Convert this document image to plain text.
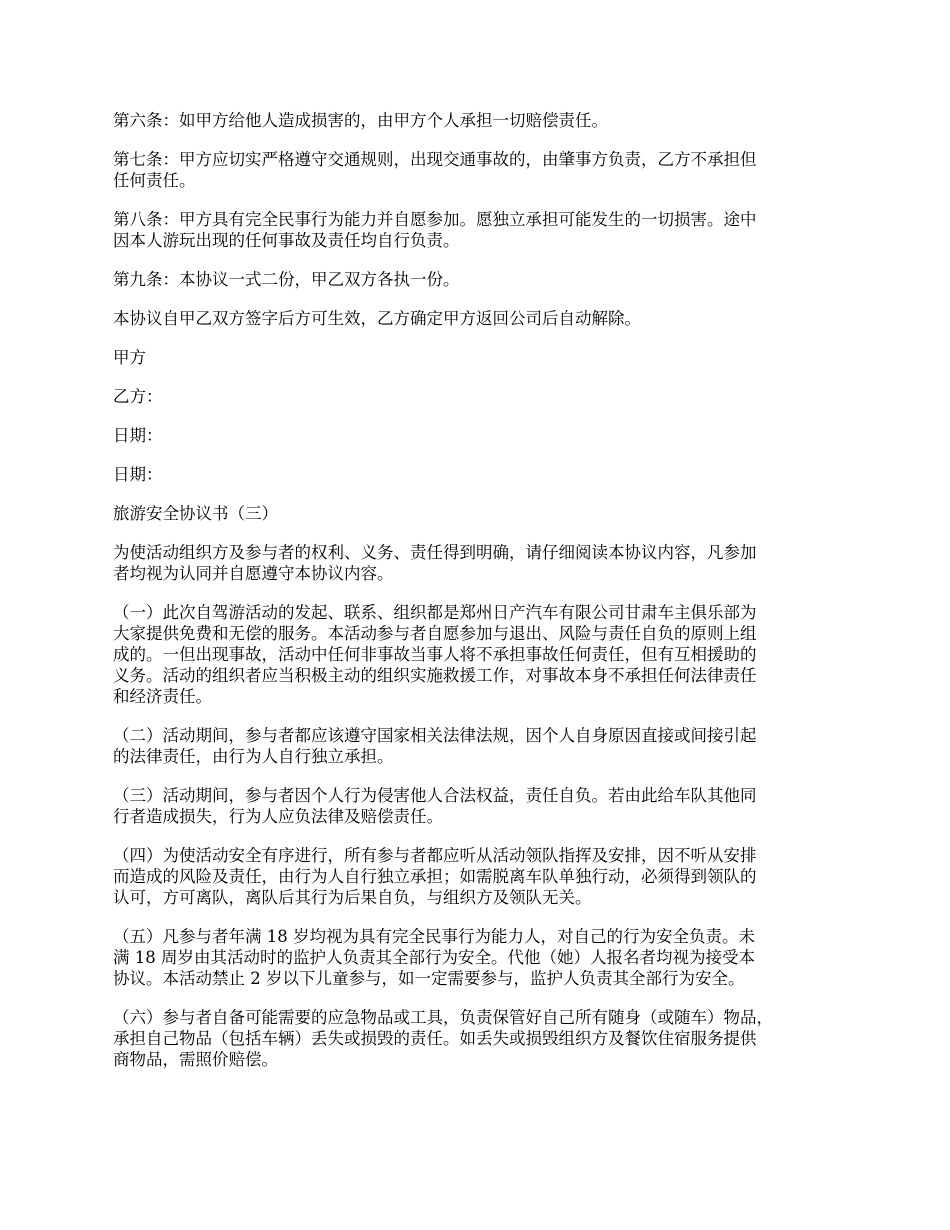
第六条：如甲方给他人造成损害的，由甲方个人承担一切赔偿责任。

第七条：甲方应切实严格遵守交通规则，出现交通事故的，由肇事方负责，乙方不承担但
任何责任。

第八条：甲方具有完全民事行为能力并自愿参加。愿独立承担可能发生的一切损害。途中
因本人游玩出现的任何事故及责任均自行负责。

第九条：本协议一式二份，甲乙双方各执一份。

本协议自甲乙双方签字后方可生效，乙方确定甲方返回公司后自动解除。

甲方

乙方：

日期：

日期：

旅游安全协议书（三）

为使活动组织方及参与者的权利、义务、责任得到明确，请仔细阅读本协议内容，凡参加
者均视为认同并自愿遵守本协议内容。

（一）此次自驾游活动的发起、联系、组织都是郑州日产汽车有限公司甘肃车主俱乐部为
大家提供免费和无偿的服务。本活动参与者自愿参加与退出、风险与责任自负的原则上组
成的。一但出现事故，活动中任何非事故当事人将不承担事故任何责任，但有互相援助的
义务。活动的组织者应当积极主动的组织实施救援工作，对事故本身不承担任何法律责任
和经济责任。

（二）活动期间，参与者都应该遵守国家相关法律法规，因个人自身原因直接或间接引起
的法律责任，由行为人自行独立承担。

（三）活动期间，参与者因个人行为侵害他人合法权益，责任自负。若由此给车队其他同
行者造成损失，行为人应负法律及赔偿责任。

（四）为使活动安全有序进行，所有参与者都应听从活动领队指挥及安排，因不听从安排
而造成的风险及责任，由行为人自行独立承担；如需脱离车队单独行动，必须得到领队的
认可，方可离队，离队后其行为后果自负，与组织方及领队无关。

（五）凡参与者年满 18 岁均视为具有完全民事行为能力人，对自己的行为安全负责。未
满 18 周岁由其活动时的监护人负责其全部行为安全。代他（她）人报名者均视为接受本
协议。本活动禁止 2 岁以下儿童参与，如一定需要参与，监护人负责其全部行为安全。

（六）参与者自备可能需要的应急物品或工具，负责保管好自己所有随身（或随车）物品，
承担自己物品（包括车辆）丢失或损毁的责任。如丢失或损毁组织方及餐饮住宿服务提供
商物品，需照价赔偿。
